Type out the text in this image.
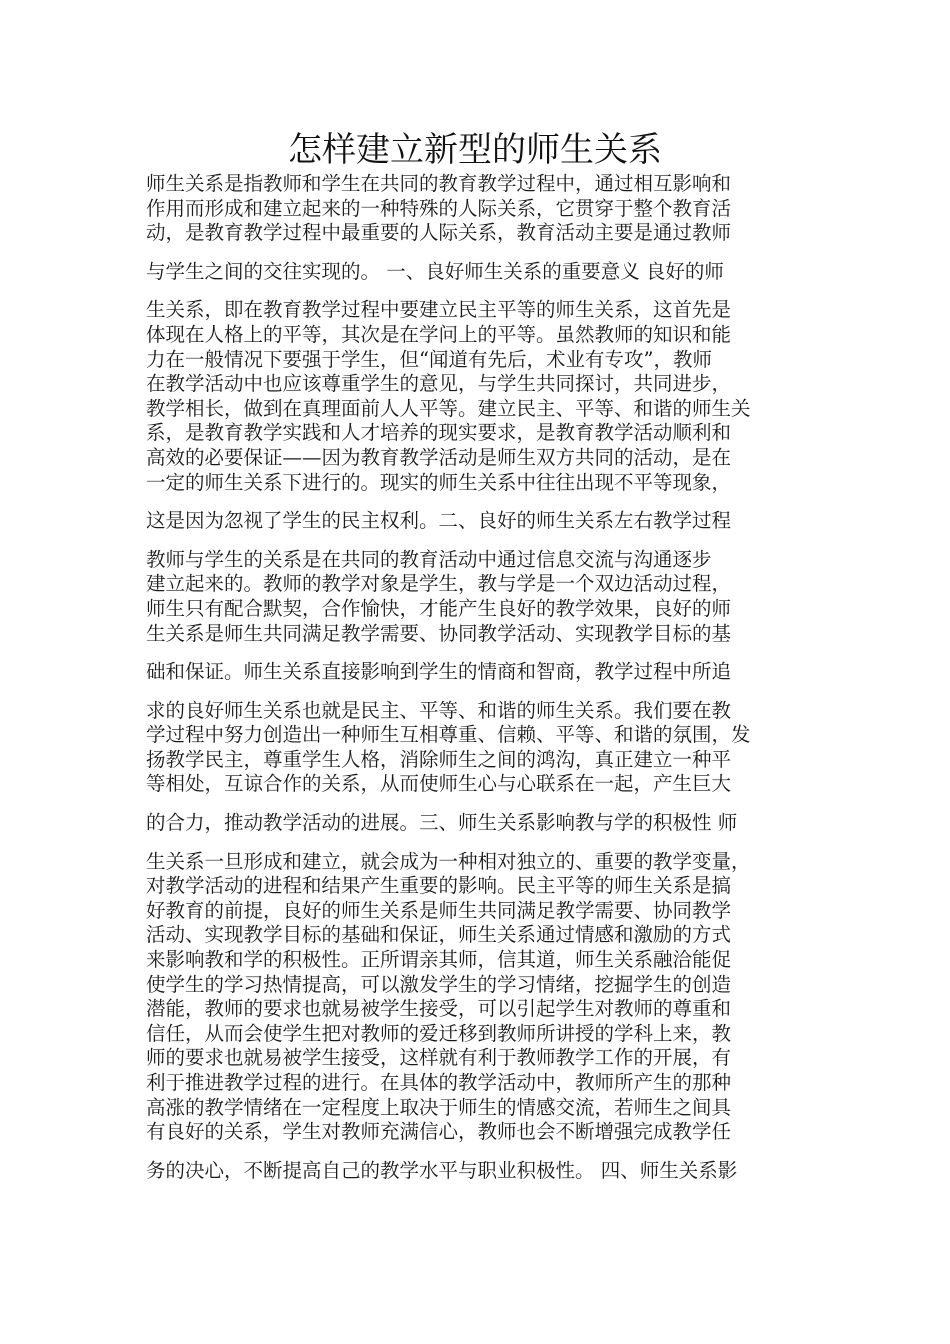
怎样建立新型的师生关系
师生关系是指教师和学生在共同的教育教学过程中，通过相互影响和
作用而形成和建立起来的一种特殊的人际关系，它贯穿于整个教育活
动，是教育教学过程中最重要的人际关系，教育活动主要是通过教师
与学生之间的交往实现的。 一、良好师生关系的重要意义 良好的师
生关系，即在教育教学过程中要建立民主平等的师生关系，这首先是
体现在人格上的平等，其次是在学问上的平等。虽然教师的知识和能
力在一般情况下要强于学生，但“闻道有先后，术业有专攻”，教师
在教学活动中也应该尊重学生的意见，与学生共同探讨，共同进步，
教学相长，做到在真理面前人人平等。建立民主、平等、和谐的师生关
系，是教育教学实践和人才培养的现实要求，是教育教学活动顺利和
高效的必要保证——因为教育教学活动是师生双方共同的活动，是在
一定的师生关系下进行的。现实的师生关系中往往出现不平等现象，
这是因为忽视了学生的民主权利。二、良好的师生关系左右教学过程
教师与学生的关系是在共同的教育活动中通过信息交流与沟通逐步
建立起来的。教师的教学对象是学生，教与学是一个双边活动过程，
师生只有配合默契，合作愉快，才能产生良好的教学效果，良好的师
生关系是师生共同满足教学需要、协同教学活动、实现教学目标的基
础和保证。师生关系直接影响到学生的情商和智商，教学过程中所追
求的良好师生关系也就是民主、平等、和谐的师生关系。我们要在教
学过程中努力创造出一种师生互相尊重、信赖、平等、和谐的氛围，发
扬教学民主，尊重学生人格，消除师生之间的鸿沟，真正建立一种平
等相处，互谅合作的关系，从而使师生心与心联系在一起，产生巨大
的合力，推动教学活动的进展。三、师生关系影响教与学的积极性 师
生关系一旦形成和建立，就会成为一种相对独立的、重要的教学变量，
对教学活动的进程和结果产生重要的影响。民主平等的师生关系是搞
好教育的前提，良好的师生关系是师生共同满足教学需要、协同教学
活动、实现教学目标的基础和保证，师生关系通过情感和激励的方式
来影响教和学的积极性。正所谓亲其师，信其道，师生关系融洽能促
使学生的学习热情提高，可以激发学生的学习情绪，挖掘学生的创造
潜能，教师的要求也就易被学生接受，可以引起学生对教师的尊重和
信任，从而会使学生把对教师的爱迁移到教师所讲授的学科上来，教
师的要求也就易被学生接受，这样就有利于教师教学工作的开展，有
利于推进教学过程的进行。在具体的教学活动中，教师所产生的那种
高涨的教学情绪在一定程度上取决于师生的情感交流，若师生之间具
有良好的关系，学生对教师充满信心，教师也会不断增强完成教学任
务的决心，不断提高自己的教学水平与职业积极性。 四、师生关系影
